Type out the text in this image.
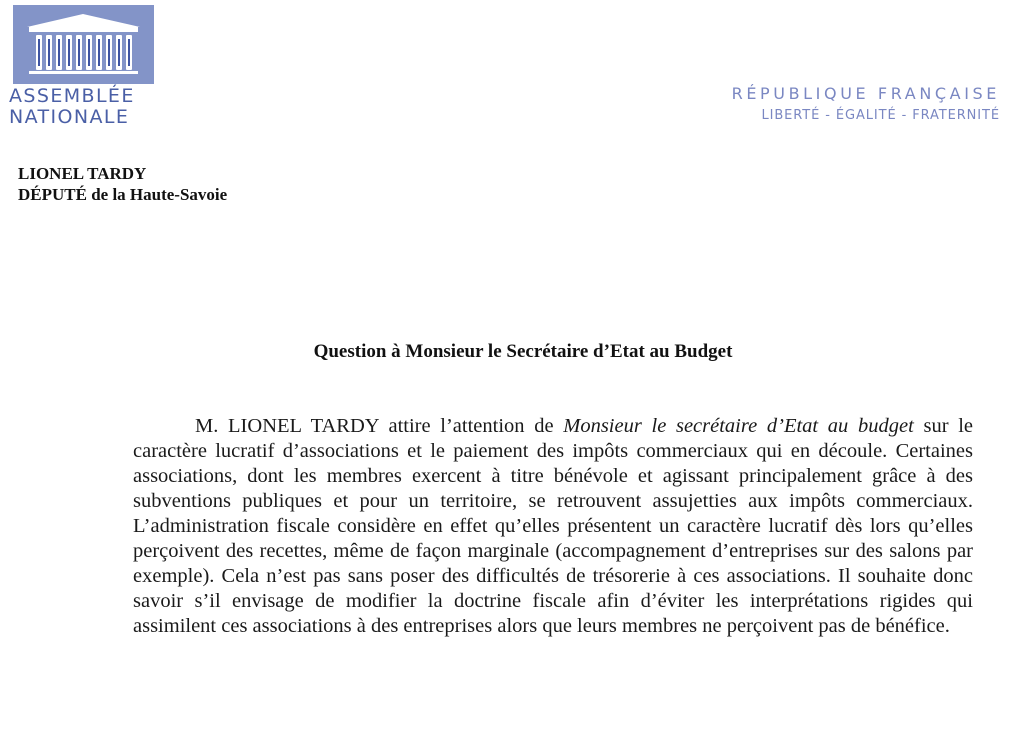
ASSEMBLÉE
NATIONALE
RÉPUBLIQUE FRANÇAISE
LIBERTÉ - ÉGALITÉ - FRATERNITÉ
LIONEL TARDY
DÉPUTÉ de la Haute-Savoie
Question à Monsieur le Secrétaire d’Etat au Budget
M. LIONEL TARDY attire l’attention de Monsieur le secrétaire d’Etat au budget sur le caractère lucratif d’associations et le paiement des impôts commerciaux qui en découle. Certaines associations, dont les membres exercent à titre bénévole et agissant principalement grâce à des subventions publiques et pour un territoire, se retrouvent assujetties aux impôts commerciaux. L’administration fiscale considère en effet qu’elles présentent un caractère lucratif dès lors qu’elles perçoivent des recettes, même de façon marginale (accompagnement d’entreprises sur des salons par exemple). Cela n’est pas sans poser des difficultés de trésorerie à ces associations. Il souhaite donc savoir s’il envisage de modifier la doctrine fiscale afin d’éviter les interprétations rigides qui assimilent ces associations à des entreprises alors que leurs membres ne perçoivent pas de bénéfice.
